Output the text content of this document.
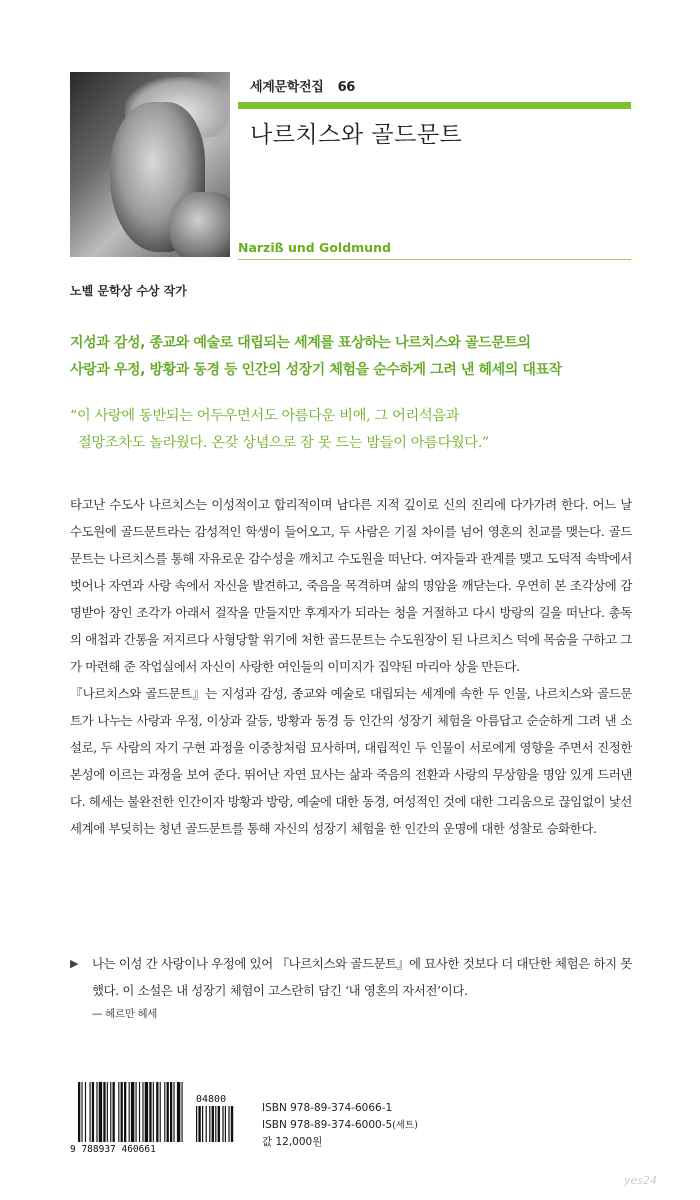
세계문학전집 66
나르치스와 골드문트
Narziß und Goldmund
노벨 문학상 수상 작가
지성과 감성, 종교와 예술로 대립되는 세계를 표상하는 나르치스와 골드문트의
사랑과 우정, 방황과 동경 등 인간의 성장기 체험을 순수하게 그려 낸 헤세의 대표작
“이 사랑에 동반되는 어두우면서도 아름다운 비애, 그 어리석음과
절망조차도 놀라웠다. 온갖 상념으로 잠 못 드는 밤들이 아름다웠다.”

타고난 수도사 나르치스는 이성적이고 합리적이며 남다른 지적 깊이로 신의 진리에 다가가려 한다. 어느 날 수도원에 골드문트라는 감성적인 학생이 들어오고, 두 사람은 기질 차이를 넘어 영혼의 친교를 맺는다. 골드문트는 나르치스를 통해 자유로운 감수성을 깨치고 수도원을 떠난다. 여자들과 관계를 맺고 도덕적 속박에서 벗어나 자연과 사랑 속에서 자신을 발견하고, 죽음을 목격하며 삶의 명암을 깨닫는다. 우연히 본 조각상에 감명받아 장인 조각가 아래서 걸작을 만들지만 후계자가 되라는 청을 거절하고 다시 방랑의 길을 떠난다. 총독의 애첩과 간통을 저지르다 사형당할 위기에 처한 골드문트는 수도원장이 된 나르치스 덕에 목숨을 구하고 그가 마련해 준 작업실에서 자신이 사랑한 여인들의 이미지가 집약된 마리아 상을 만든다.

『나르치스와 골드문트』는 지성과 감성, 종교와 예술로 대립되는 세계에 속한 두 인물, 나르치스와 골드문트가 나누는 사랑과 우정, 이상과 갈등, 방황과 동경 등 인간의 성장기 체험을 아름답고 순순하게 그려 낸 소설로, 두 사람의 자기 구현 과정을 이중창처럼 묘사하며, 대립적인 두 인물이 서로에게 영향을 주면서 진정한 본성에 이르는 과정을 보여 준다. 뛰어난 자연 묘사는 삶과 죽음의 전환과 사랑의 무상함을 명암 있게 드러낸다. 헤세는 불완전한 인간이자 방황과 방랑, 예술에 대한 동경, 여성적인 것에 대한 그리움으로 끊임없이 낯선 세계에 부딪히는 청년 골드문트를 통해 자신의 성장기 체험을 한 인간의 운명에 대한 성찰로 승화한다.

▶	나는 이성 간 사랑이나 우정에 있어 『나르치스와 골드문트』에 묘사한 것보다 더 대단한 체험은 하지 못했다. 이 소설은 내 성장기 체험이 고스란히 담긴 ‘내 영혼의 자서전’이다.
— 헤르만 헤세
9 788937 460661
04800
ISBN 978-89-374-6066-1
ISBN 978-89-374-6000-5(세트)
값 12,000원
yes24
